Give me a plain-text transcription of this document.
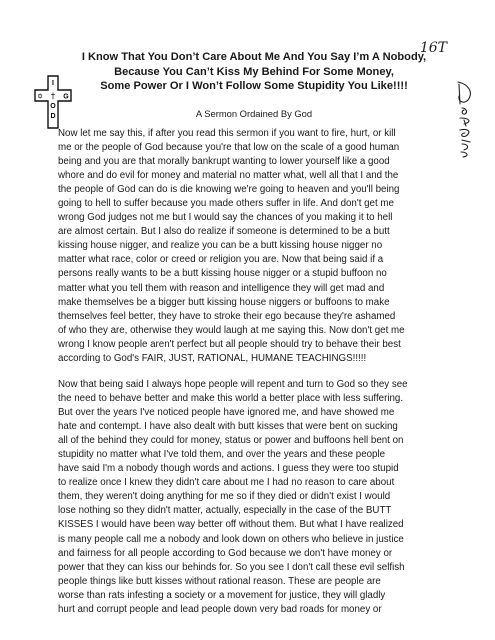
16T
I
G
O
D
†
✡
I Know That You Don’t Care About Me And You Say I’m A Nobody,
Because You Can’t Kiss My Behind For Some Money,
Some Power Or I Won’t Follow Some Stupidity You Like!!!!
A Sermon Ordained By God
Now let me say this, if after you read this sermon if you want to fire, hurt, or kill
me or the people of God because you're that low on the scale of a good human
being and you are that morally bankrupt wanting to lower yourself like a good
whore and do evil for money and material no matter what, well all that I and the
the people of God can do is die knowing we're going to heaven and you'll being
going to hell to suffer because you made others suffer in life. And don't get me
wrong God judges not me but I would say the chances of you making it to hell
are almost certain. But I also do realize if someone is determined to be a butt
kissing house nigger, and realize you can be a butt kissing house nigger no
matter what race, color or creed or religion you are. Now that being said if a
persons really wants to be a butt kissing house nigger or a stupid buffoon no
matter what you tell them with reason and intelligence they will get mad and
make themselves be a bigger butt kissing house niggers or buffoons to make
themselves feel better, they have to stroke their ego because they're ashamed
of who they are, otherwise they would laugh at me saying this. Now don't get me
wrong I know people aren't perfect but all people should try to behave their best
according to God's FAIR, JUST, RATIONAL, HUMANE TEACHINGS!!!!!
Now that being said I always hope people will repent and turn to God so they see
the need to behave better and make this world a better place with less suffering.
But over the years I've noticed people have ignored me, and have showed me
hate and contempt. I have also dealt with butt kisses that were bent on sucking
all of the behind they could for money, status or power and buffoons hell bent on
stupidity no matter what I've told them, and over the years and these people
have said I'm a nobody though words and actions. I guess they were too stupid
to realize once I knew they didn't care about me I had no reason to care about
them, they weren't doing anything for me so if they died or didn't exist I would
lose nothing so they didn't matter, actually, especially in the case of the BUTT
KISSES I would have been way better off without them. But what I have realized
is many people call me a nobody and look down on others who believe in justice
and fairness for all people according to God because we don't have money or
power that they can kiss our behinds for. So you see I don't call these evil selfish
people things like butt kisses without rational reason. These are people are
worse than rats infesting a society or a movement for justice, they will gladly
hurt and corrupt people and lead people down very bad roads for money or
